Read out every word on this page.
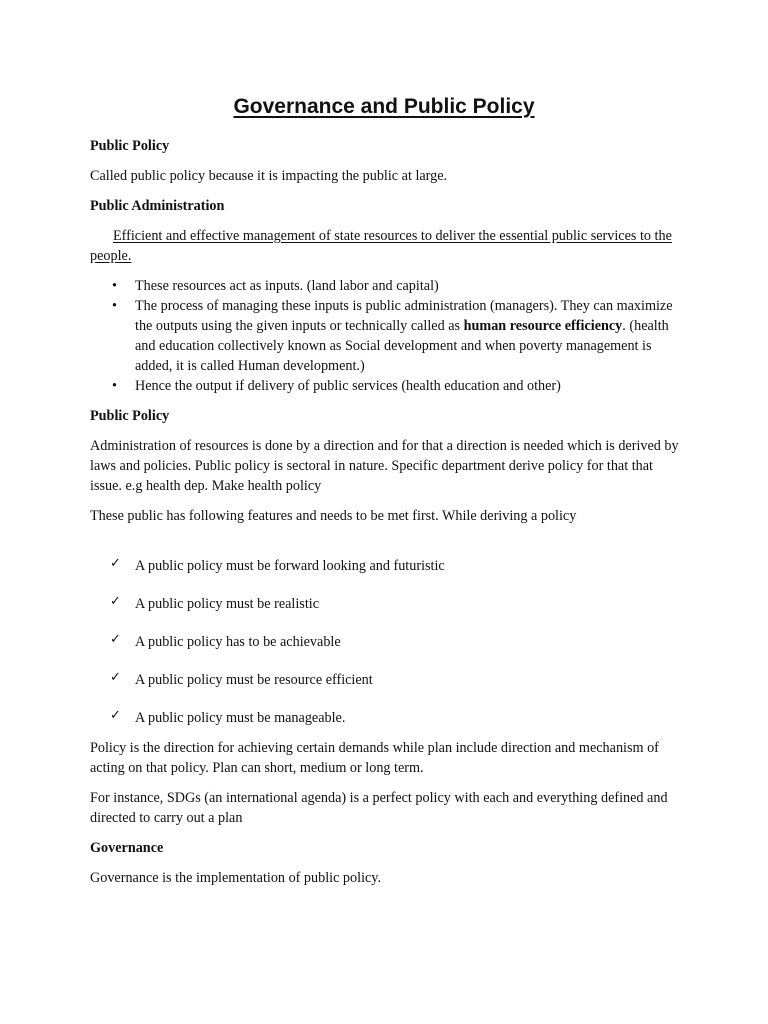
Governance and Public Policy

Public Policy

Called public policy because it is impacting the public at large.

Public Administration

Efficient and effective management of state resources to deliver the essential public services to the people.

• These resources act as inputs. (land labor and capital)
• The process of managing these inputs is public administration (managers). They can maximize the outputs using the given inputs or technically called as human resource efficiency. (health and education collectively known as Social development and when poverty management is added, it is called Human development.)
• Hence the output if delivery of public services (health education and other)

Public Policy

Administration of resources is done by a direction and for that a direction is needed which is derived by laws and policies. Public policy is sectoral in nature. Specific department derive policy for that that issue. e.g health dep. Make health policy

These public has following features and needs to be met first. While deriving a policy

✓ A public policy must be forward looking and futuristic
✓ A public policy must be realistic
✓ A public policy has to be achievable
✓ A public policy must be resource efficient
✓ A public policy must be manageable.

Policy is the direction for achieving certain demands while plan include direction and mechanism of acting on that policy. Plan can short, medium or long term.

For instance, SDGs (an international agenda) is a perfect policy with each and everything defined and directed to carry out a plan

Governance

Governance is the implementation of public policy.
